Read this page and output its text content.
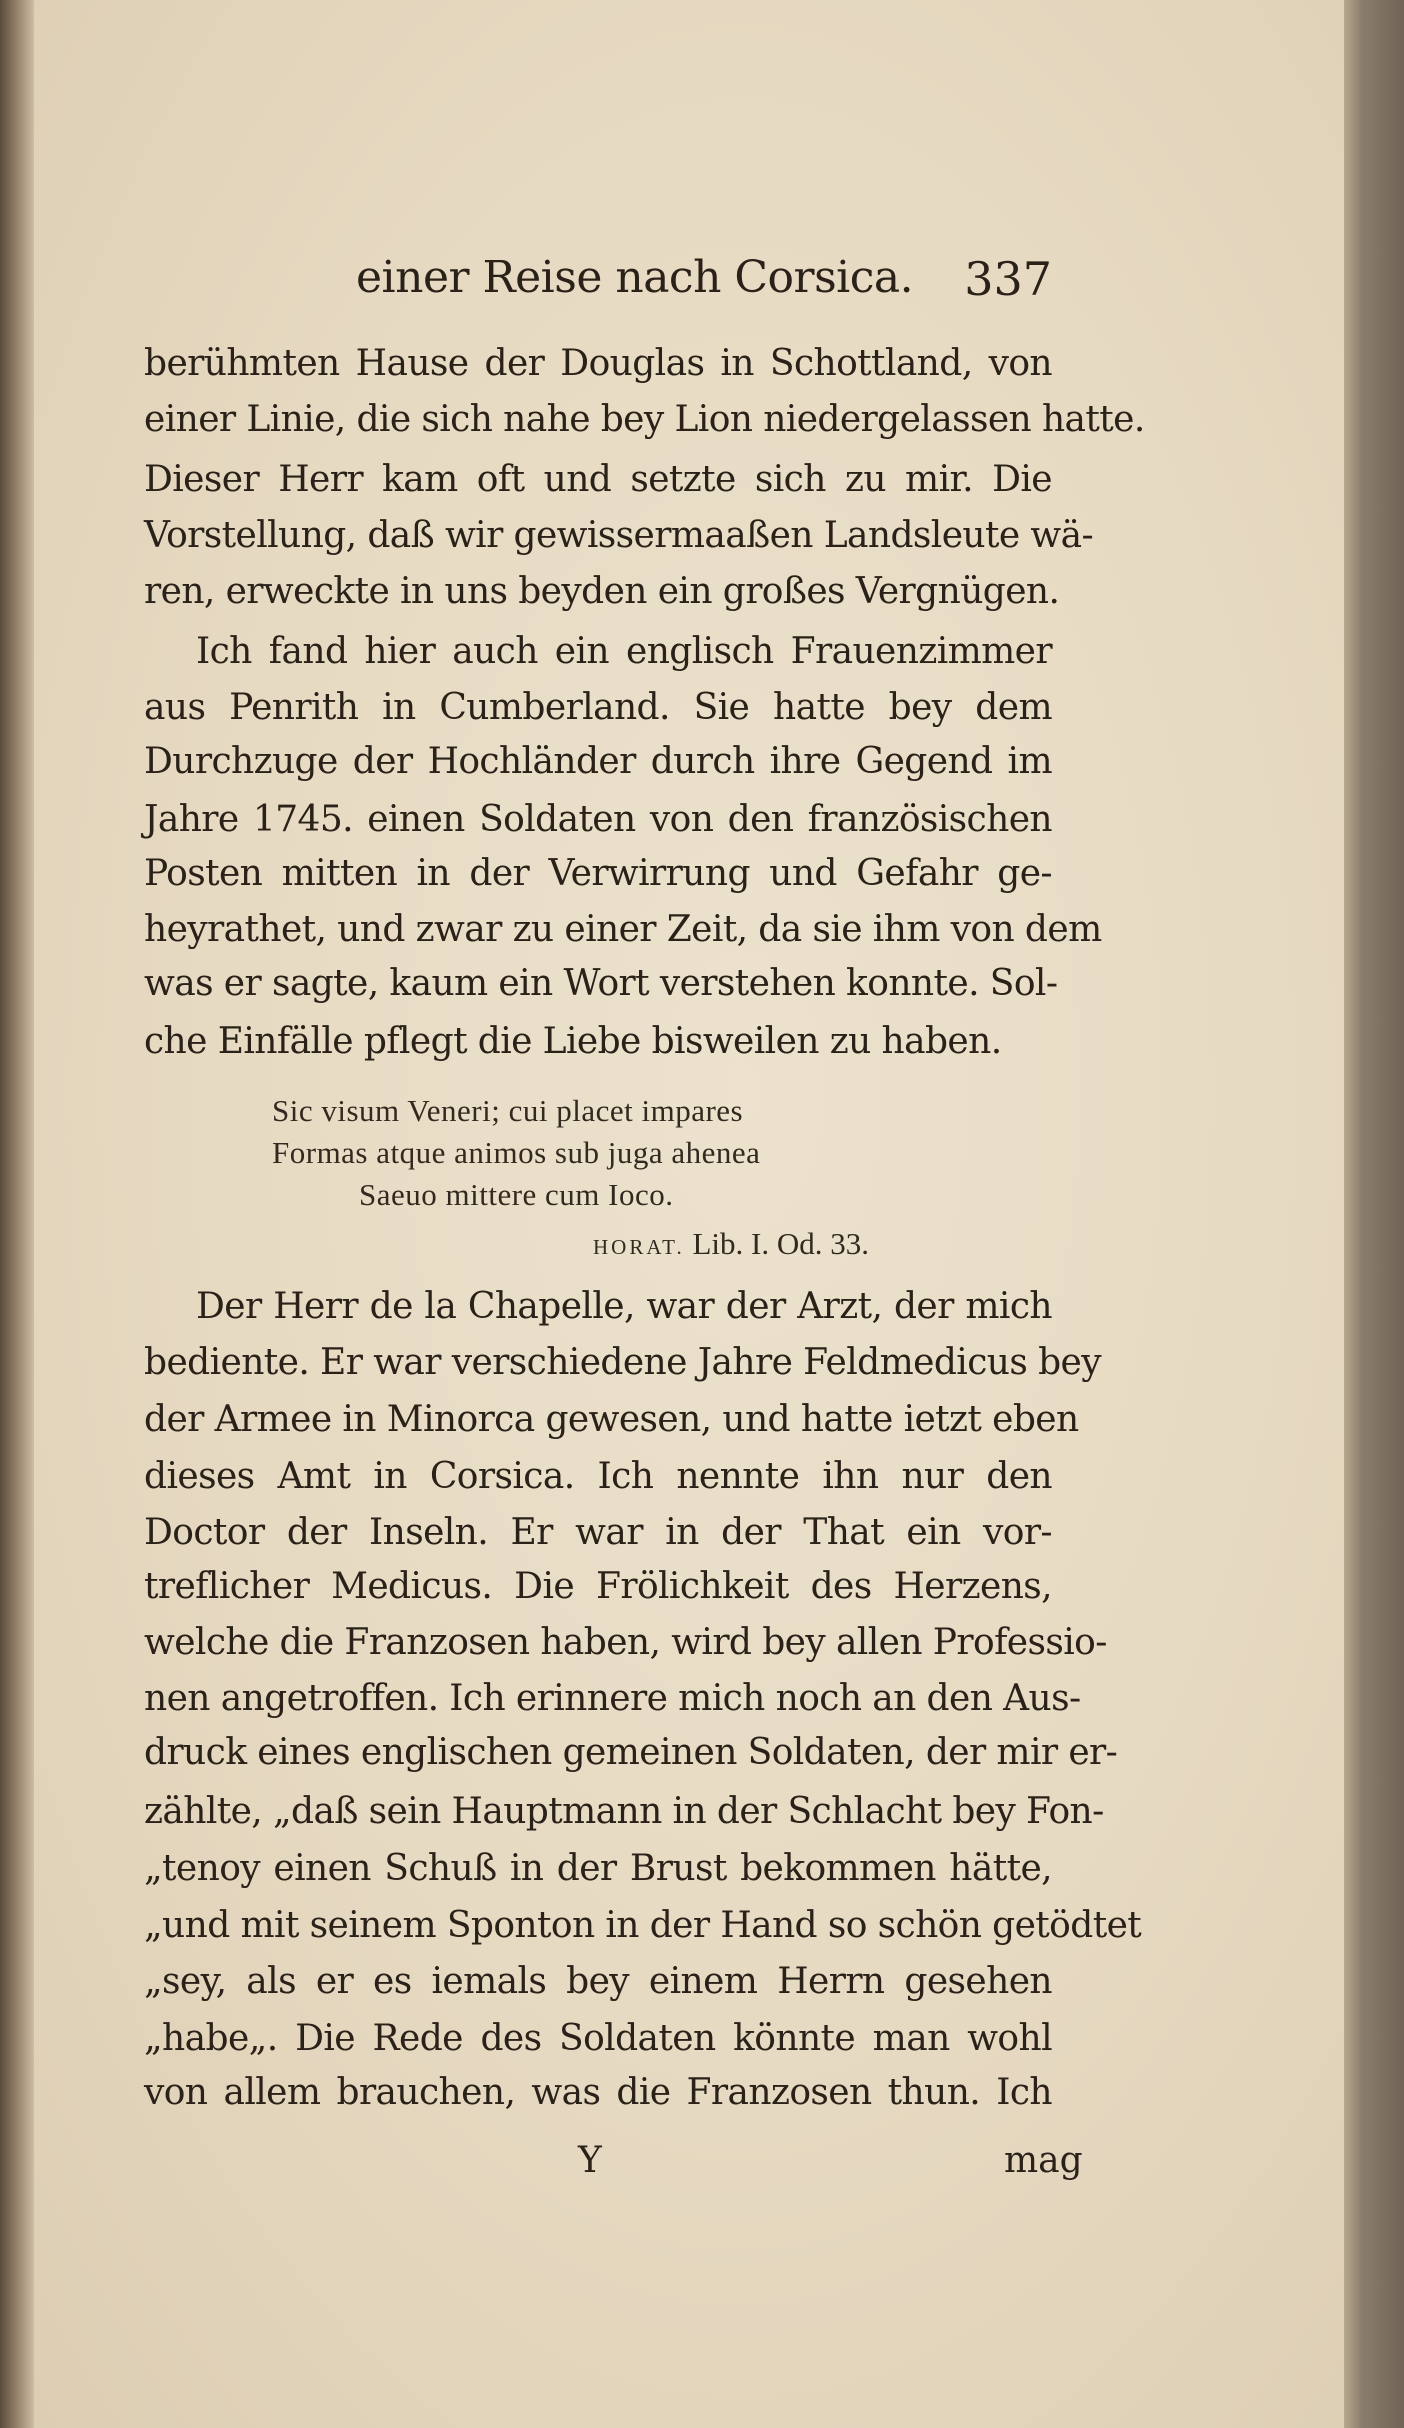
einer Reise nach Corsica. 337
berühmten Hause der Douglas in Schottland, von
einer Linie, die sich nahe bey Lion niedergelassen hatte.
Dieser Herr kam oft und setzte sich zu mir. Die
Vorstellung, daß wir gewissermaaßen Landsleute wä-
ren, erweckte in uns beyden ein großes Vergnügen.
Ich fand hier auch ein englisch Frauenzimmer
aus Penrith in Cumberland. Sie hatte bey dem
Durchzuge der Hochländer durch ihre Gegend im
Jahre 1745. einen Soldaten von den französischen
Posten mitten in der Verwirrung und Gefahr ge-
heyrathet, und zwar zu einer Zeit, da sie ihm von dem
was er sagte, kaum ein Wort verstehen konnte. Sol-
che Einfälle pflegt die Liebe bisweilen zu haben.
Der Herr de la Chapelle, war der Arzt, der mich
bediente. Er war verschiedene Jahre Feldmedicus bey
der Armee in Minorca gewesen, und hatte ietzt eben
dieses Amt in Corsica. Ich nennte ihn nur den
Doctor der Inseln. Er war in der That ein vor-
treflicher Medicus. Die Frölichkeit des Herzens,
welche die Franzosen haben, wird bey allen Professio-
nen angetroffen. Ich erinnere mich noch an den Aus-
druck eines englischen gemeinen Soldaten, der mir er-
zählte, „daß sein Hauptmann in der Schlacht bey Fon-
„tenoy einen Schuß in der Brust bekommen hätte,
„und mit seinem Sponton in der Hand so schön getödtet
„sey, als er es iemals bey einem Herrn gesehen
„habe„. Die Rede des Soldaten könnte man wohl
von allem brauchen, was die Franzosen thun. Ich
Sic visum Veneri; cui placet impares
Formas atque animos sub juga ahenea
Saeuo mittere cum Ioco.
HORAT. Lib. I. Od. 33.
Y	mag
